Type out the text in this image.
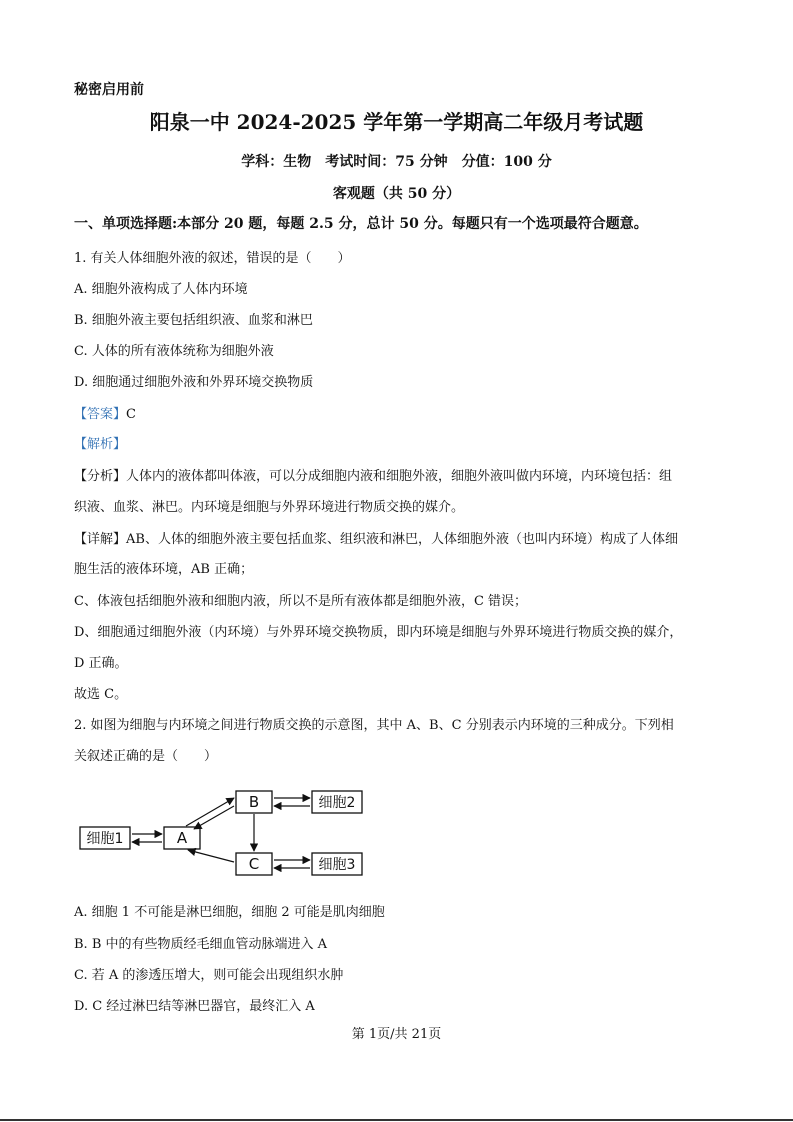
秘密启用前
阳泉一中 2024-2025 学年第一学期高二年级月考试题
学科：生物　考试时间：75 分钟　分值：100 分
客观题（共 50 分）
一、单项选择题:本部分 20 题，每题 2.5 分，总计 50 分。每题只有一个选项最符合题意。
1. 有关人体细胞外液的叙述，错误的是（　　）
A. 细胞外液构成了人体内环境
B. 细胞外液主要包括组织液、血浆和淋巴
C. 人体的所有液体统称为细胞外液
D. 细胞通过细胞外液和外界环境交换物质
【答案】C
【解析】
【分析】人体内的液体都叫体液，可以分成细胞内液和细胞外液，细胞外液叫做内环境，内环境包括：组
织液、血浆、淋巴。内环境是细胞与外界环境进行物质交换的媒介。
【详解】AB、人体的细胞外液主要包括血浆、组织液和淋巴，人体细胞外液（也叫内环境）构成了人体细
胞生活的液体环境，AB 正确；
C、体液包括细胞外液和细胞内液，所以不是所有液体都是细胞外液，C 错误；
D、细胞通过细胞外液（内环境）与外界环境交换物质，即内环境是细胞与外界环境进行物质交换的媒介，
D 正确。
故选 C。
2. 如图为细胞与内环境之间进行物质交换的示意图，其中 A、B、C 分别表示内环境的三种成分。下列相
关叙述正确的是（　　）
细胞1	A
B
C
细胞2
细胞3
A. 细胞 1 不可能是淋巴细胞，细胞 2 可能是肌肉细胞
B. B 中的有些物质经毛细血管动脉端进入 A
C. 若 A 的渗透压增大，则可能会出现组织水肿
D. C 经过淋巴结等淋巴器官，最终汇入 A
第 1页/共 21页
